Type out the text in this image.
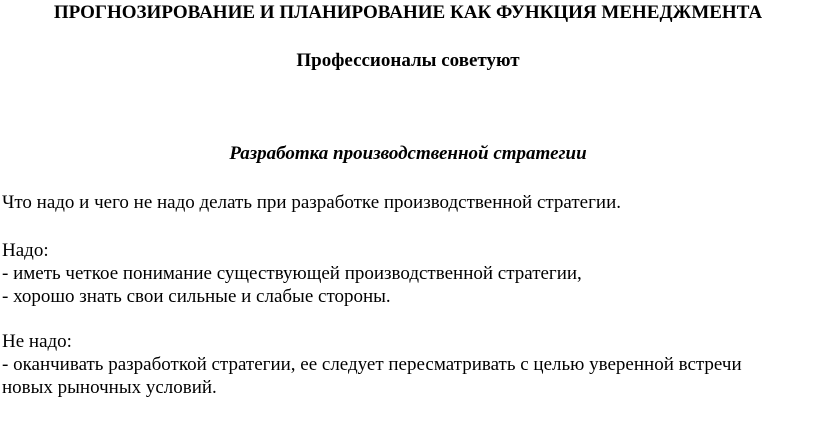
ПРОГНОЗИРОВАНИЕ И ПЛАНИРОВАНИЕ КАК ФУНКЦИЯ МЕНЕДЖМЕНТА
Профессионалы советуют
Разработка производственной стратегии
Что надо и чего не надо делать при разработке производственной стратегии.
Надо:
- иметь четкое понимание существующей производственной стратегии,
- хорошо знать свои сильные и слабые стороны.
Не надо:
- оканчивать разработкой стратегии, ее следует пересматривать с целью уверенной встречи
новых рыночных условий.
